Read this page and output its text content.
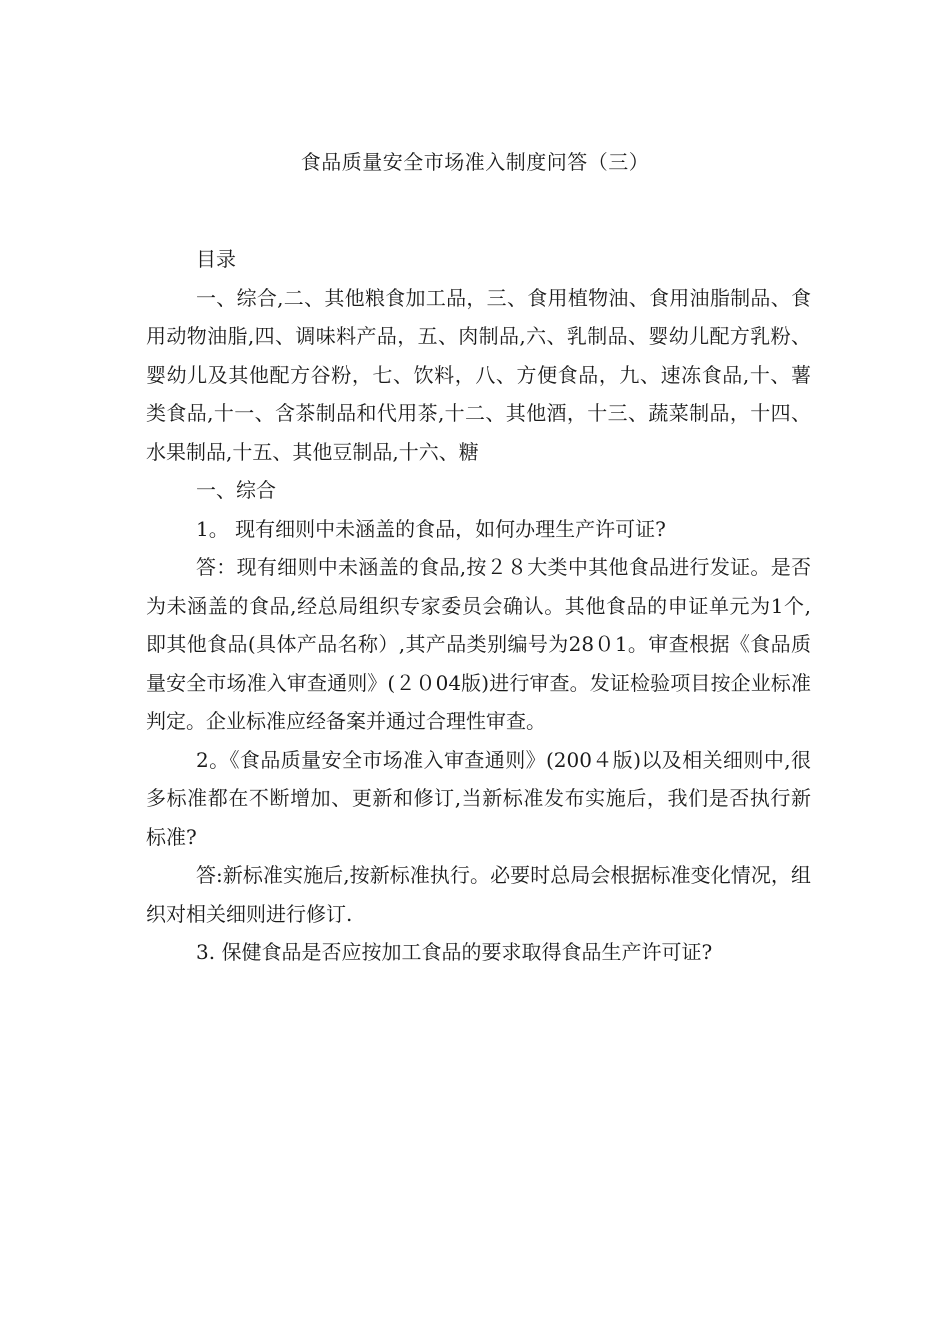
食品质量安全市场准入制度问答（三）

目录

一、综合,二、其他粮食加工品，三、食用植物油、食用油脂制品、食用动物油脂,四、调味料产品，五、肉制品,六、乳制品、婴幼儿配方乳粉、婴幼儿及其他配方谷粉，七、饮料，八、方便食品，九、速冻食品,十、薯类食品,十一、含茶制品和代用茶,十二、其他酒，十三、蔬菜制品，十四、水果制品,十五、其他豆制品,十六、糖

一、综合

1。 现有细则中未涵盖的食品，如何办理生产许可证?

答：现有细则中未涵盖的食品,按２８大类中其他食品进行发证。是否为未涵盖的食品,经总局组织专家委员会确认。其他食品的申证单元为1个,即其他食品(具体产品名称）,其产品类别编号为28０1。审查根据《食品质量安全市场准入审查通则》(２０04版)进行审查。发证检验项目按企业标准判定。企业标准应经备案并通过合理性审查。

2。《食品质量安全市场准入审查通则》(200４版)以及相关细则中,很多标准都在不断增加、更新和修订,当新标准发布实施后，我们是否执行新标准?

答:新标准实施后,按新标准执行。必要时总局会根据标准变化情况，组织对相关细则进行修订.

3. 保健食品是否应按加工食品的要求取得食品生产许可证?
